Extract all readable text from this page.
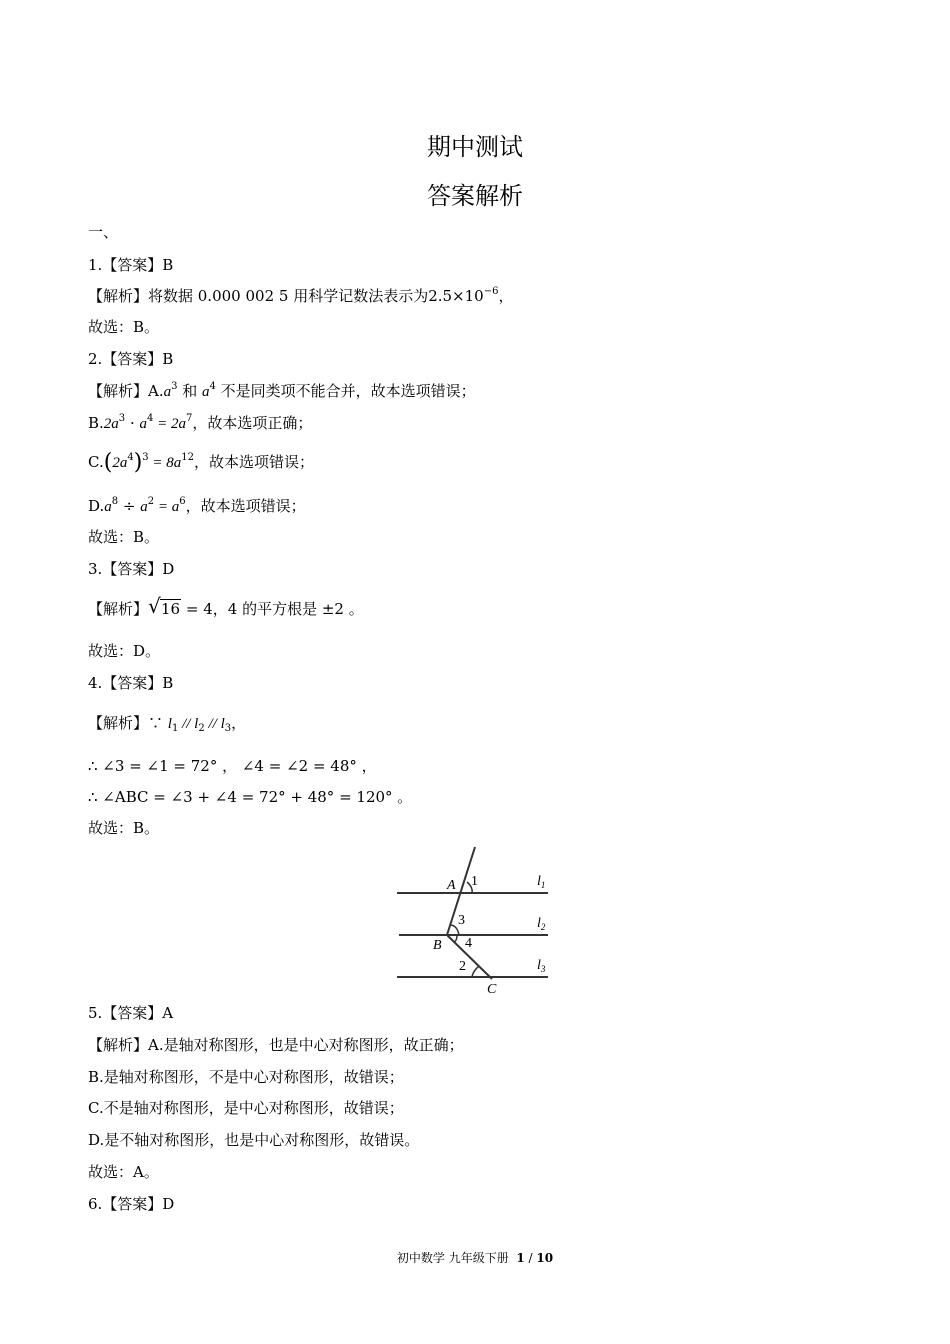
期中测试
答案解析
一、
1.【答案】B
【解析】将数据 0.000 002 5 用科学记数法表示为$2.5\times 10^{-6}$，
故选：B。
2.【答案】B
【解析】$A.a^3$ 和 $a^4$ 不是同类项不能合并，故本选项错误；
$B.2a^3 \cdot a^4 = 2a^7$，故本选项正确；
$C.(2a^4)^3 = 8a^{12}$，故本选项错误；
$D.a^8 \div a^2 = a^6$，故本选项错误；
故选：B。
3.【答案】D
【解析】 √ 16 = 4，4 的平方根是 ±2 。
故选：D。
4.【答案】B
【解析】∵ $l_1 // l_2 // l_3$，
∴ ∠3 = ∠1 = 72° ， ∠4 = ∠2 = 48° ，
∴ ∠ABC = ∠3 + ∠4 = 72° + 48° = 120° 。
故选：B。
A 1
3
B 4
2
C
$l_1$
$l_2$
$l_3$
5.【答案】A
【解析】A.是轴对称图形，也是中心对称图形，故正确；
B.是轴对称图形，不是中心对称图形，故错误；
C.不是轴对称图形，是中心对称图形，故错误；
D.是不轴对称图形，也是中心对称图形，故错误。
故选：A。
6.【答案】D
初中数学 九年级下册 1 / 10
